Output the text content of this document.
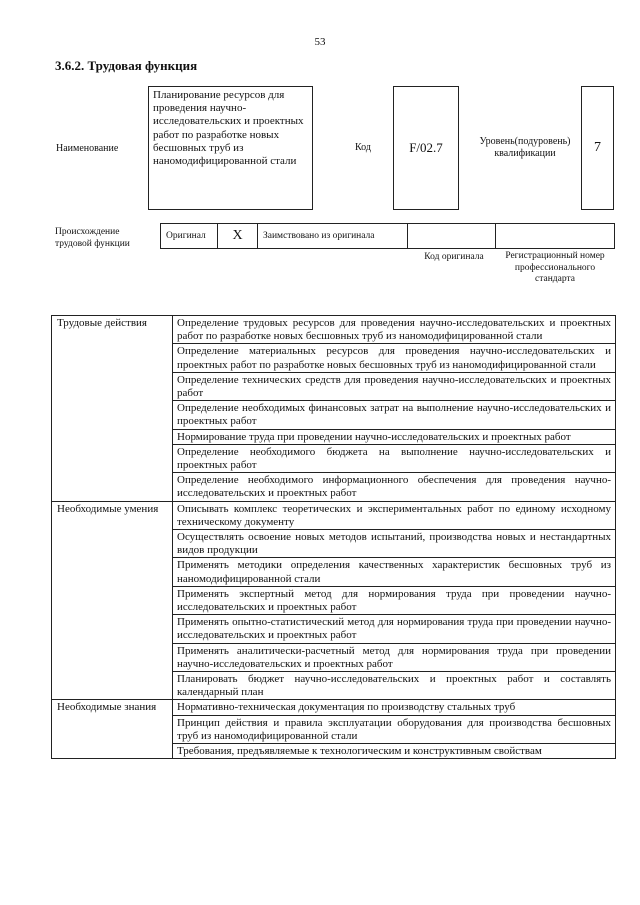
53
3.6.2. Трудовая функция
Наименование
Планирование ресурсов для проведения научно-исследовательских и проектных работ по разработке новых бесшовных труб из наномодифицированной стали
Код	F/02.7	Уровень(подуровень) квалификации	7
Происхождение трудовой функции
Оригинал	X	Заимствовано из оригинала		
Код оригинала	Регистрационный номер профессионального стандарта
Трудовые действия	Определение трудовых ресурсов для проведения научно-исследовательских и проектных работ по разработке новых бесшовных труб из наномодифицированной стали
	Определение материальных ресурсов для проведения научно-исследовательских и проектных работ по разработке новых бесшовных труб из наномодифицированной стали
	Определение технических средств для проведения научно-исследовательских и проектных работ
	Определение необходимых финансовых затрат на выполнение научно-исследовательских и проектных работ
	Нормирование труда при проведении научно-исследовательских и проектных работ
	Определение необходимого бюджета на выполнение научно-исследовательских и проектных работ
	Определение необходимого информационного обеспечения для проведения научно-исследовательских и проектных работ
Необходимые умения	Описывать комплекс теоретических и экспериментальных работ по единому исходному техническому документу
	Осуществлять освоение новых методов испытаний, производства новых и нестандартных видов продукции
	Применять методики определения качественных характеристик бесшовных труб из наномодифицированной стали
	Применять экспертный метод для нормирования труда при проведении научно-исследовательских и проектных работ
	Применять опытно-статистический метод для нормирования труда при проведении научно-исследовательских и проектных работ
	Применять аналитически-расчетный метод для нормирования труда при проведении научно-исследовательских и проектных работ
	Планировать бюджет научно-исследовательских и проектных работ и составлять календарный план
Необходимые знания	Нормативно-техническая документация по производству стальных труб
	Принцип действия и правила эксплуатации оборудования для производства бесшовных труб из наномодифицированной стали
	Требования, предъявляемые к технологическим и конструктивным свойствам
